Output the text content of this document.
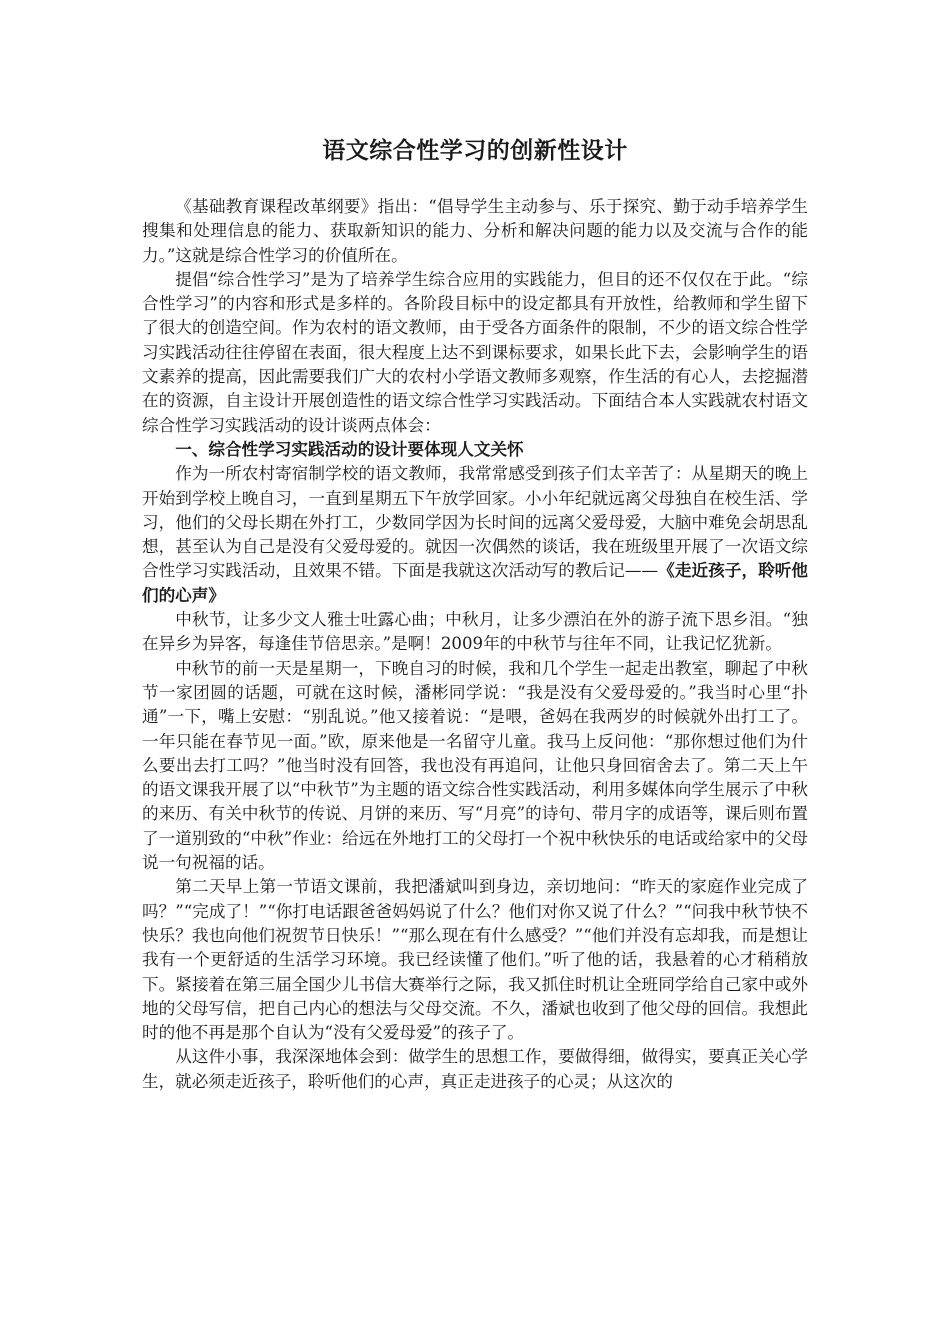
语文综合性学习的创新性设计

《基础教育课程改革纲要》指出：“倡导学生主动参与、乐于探究、勤于动手培养学生搜集和处理信息的能力、获取新知识的能力、分析和解决问题的能力以及交流与合作的能力。”这就是综合性学习的价值所在。

提倡“综合性学习”是为了培养学生综合应用的实践能力，但目的还不仅仅在于此。“综合性学习”的内容和形式是多样的。各阶段目标中的设定都具有开放性，给教师和学生留下了很大的创造空间。作为农村的语文教师，由于受各方面条件的限制，不少的语文综合性学习实践活动往往停留在表面，很大程度上达不到课标要求，如果长此下去，会影响学生的语文素养的提高，因此需要我们广大的农村小学语文教师多观察，作生活的有心人，去挖掘潜在的资源，自主设计开展创造性的语文综合性学习实践活动。下面结合本人实践就农村语文综合性学习实践活动的设计谈两点体会：

一、综合性学习实践活动的设计要体现人文关怀

作为一所农村寄宿制学校的语文教师，我常常感受到孩子们太辛苦了：从星期天的晚上开始到学校上晚自习，一直到星期五下午放学回家。小小年纪就远离父母独自在校生活、学习，他们的父母长期在外打工，少数同学因为长时间的远离父爱母爱，大脑中难免会胡思乱想，甚至认为自己是没有父爱母爱的。就因一次偶然的谈话，我在班级里开展了一次语文综合性学习实践活动，且效果不错。下面是我就这次活动写的教后记——《走近孩子，聆听他们的心声》

中秋节，让多少文人雅士吐露心曲；中秋月，让多少漂泊在外的游子流下思乡泪。“独在异乡为异客，每逢佳节倍思亲。”是啊！2009年的中秋节与往年不同，让我记忆犹新。

中秋节的前一天是星期一，下晚自习的时候，我和几个学生一起走出教室，聊起了中秋节一家团圆的话题，可就在这时候，潘彬同学说：“我是没有父爱母爱的。”我当时心里“扑通”一下，嘴上安慰：“别乱说。”他又接着说：“是喂，爸妈在我两岁的时候就外出打工了。一年只能在春节见一面。”欧，原来他是一名留守儿童。我马上反问他：“那你想过他们为什么要出去打工吗？”他当时没有回答，我也没有再追问，让他只身回宿舍去了。第二天上午的语文课我开展了以“中秋节”为主题的语文综合性实践活动，利用多媒体向学生展示了中秋的来历、有关中秋节的传说、月饼的来历、写“月亮”的诗句、带月字的成语等，课后则布置了一道别致的“中秋”作业：给远在外地打工的父母打一个祝中秋快乐的电话或给家中的父母说一句祝福的话。

第二天早上第一节语文课前，我把潘斌叫到身边，亲切地问：“昨天的家庭作业完成了吗？”“完成了！”“你打电话跟爸爸妈妈说了什么？他们对你又说了什么？”“问我中秋节快不快乐？我也向他们祝贺节日快乐！”“那么现在有什么感受？”“他们并没有忘却我，而是想让我有一个更舒适的生活学习环境。我已经读懂了他们。”听了他的话，我悬着的心才稍稍放下。紧接着在第三届全国少儿书信大赛举行之际，我又抓住时机让全班同学给自己家中或外地的父母写信，把自己内心的想法与父母交流。不久，潘斌也收到了他父母的回信。我想此时的他不再是那个自认为“没有父爱母爱”的孩子了。

从这件小事，我深深地体会到：做学生的思想工作，要做得细，做得实，要真正关心学生，就必须走近孩子，聆听他们的心声，真正走进孩子的心灵；从这次的
